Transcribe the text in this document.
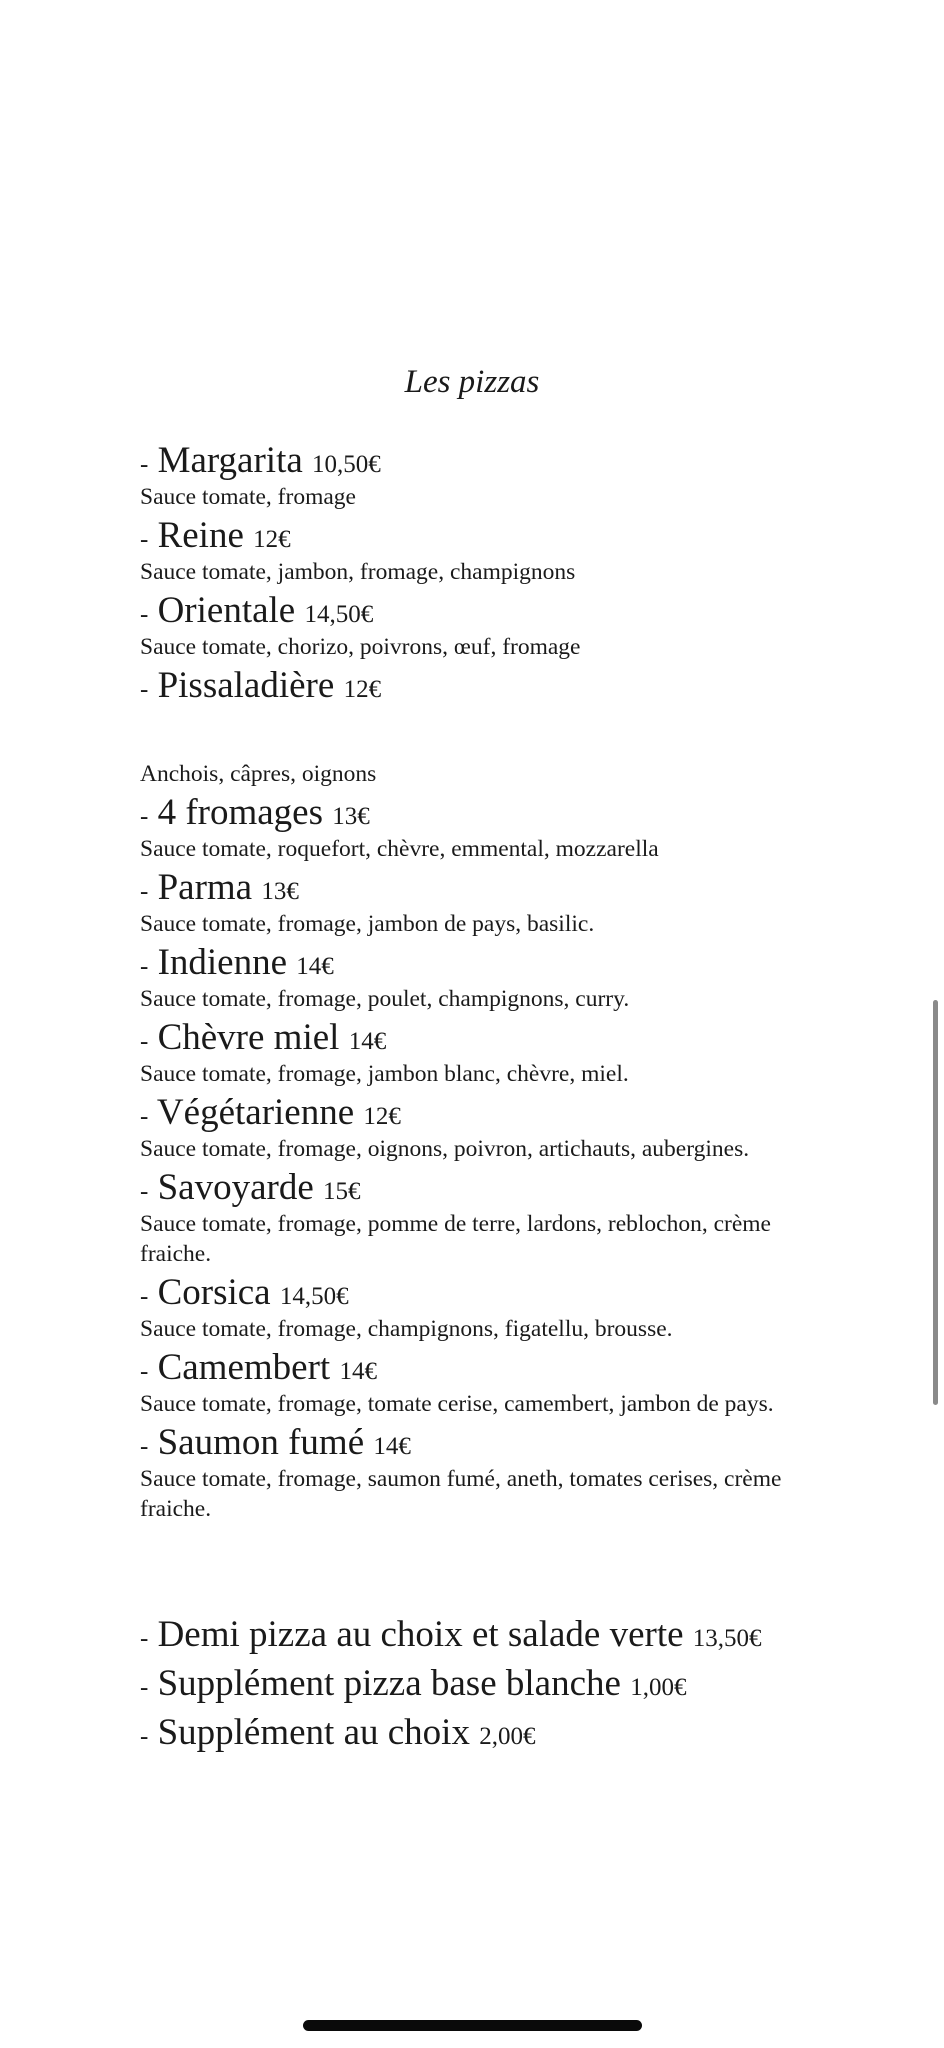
Les pizzas
- Margarita 10,50€
Sauce tomate, fromage
- Reine 12€
Sauce tomate, jambon, fromage, champignons
- Orientale 14,50€
Sauce tomate, chorizo, poivrons, œuf, fromage
- Pissaladière 12€
Anchois, câpres, oignons
- 4 fromages 13€
Sauce tomate, roquefort, chèvre, emmental, mozzarella
- Parma 13€
Sauce tomate, fromage, jambon de pays, basilic.
- Indienne 14€
Sauce tomate, fromage, poulet, champignons, curry.
- Chèvre miel 14€
Sauce tomate, fromage, jambon blanc, chèvre, miel.
- Végétarienne 12€
Sauce tomate, fromage, oignons, poivron, artichauts, aubergines.
- Savoyarde 15€
Sauce tomate, fromage, pomme de terre, lardons, reblochon, crème fraiche.
- Corsica 14,50€
Sauce tomate, fromage, champignons, figatellu, brousse.
- Camembert 14€
Sauce tomate, fromage, tomate cerise, camembert, jambon de pays.
- Saumon fumé 14€
Sauce tomate, fromage, saumon fumé, aneth, tomates cerises, crème fraiche.
- Demi pizza au choix et salade verte 13,50€
- Supplément pizza base blanche 1,00€
- Supplément au choix 2,00€
